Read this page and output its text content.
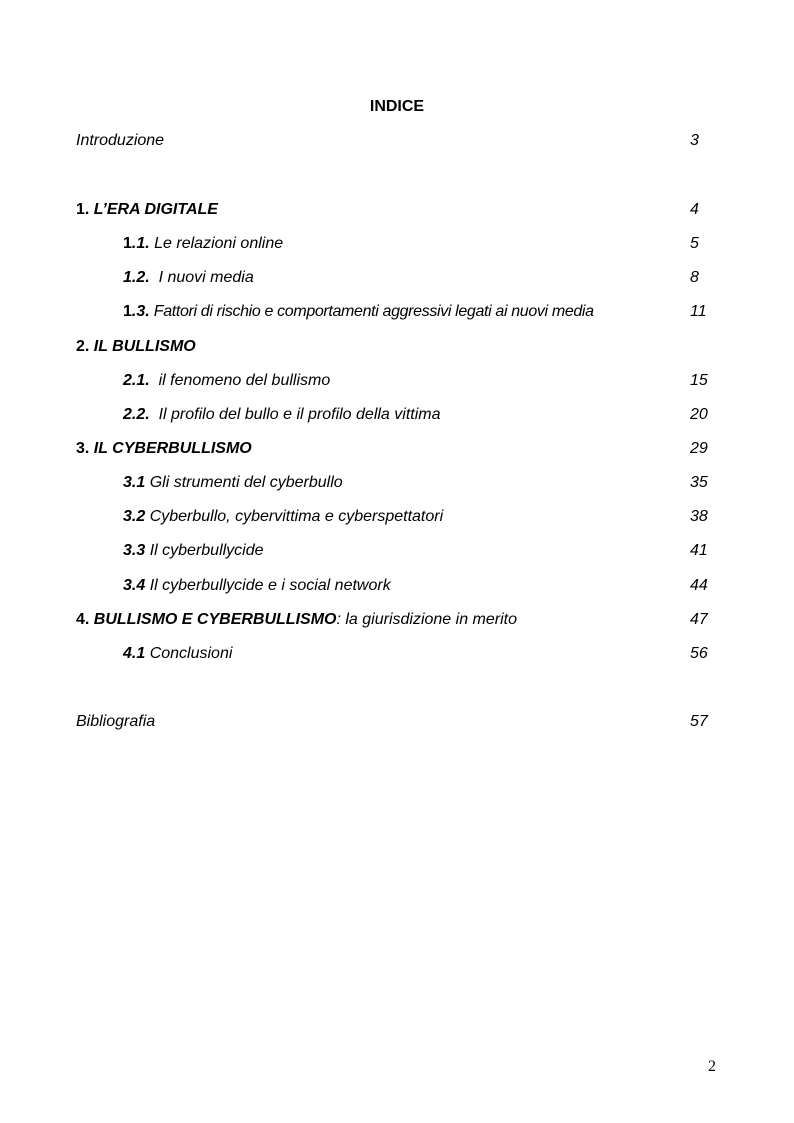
INDICE
Introduzione	3
1. L’ERA DIGITALE	4
1.1. Le relazioni online	5
1.2.  I nuovi media	8
1.3. Fattori di rischio e comportamenti aggressivi legati ai nuovi media	11
2. IL BULLISMO
2.1.  il fenomeno del bullismo	15
2.2.  Il profilo del bullo e il profilo della vittima	20
3. IL CYBERBULLISMO	29
3.1 Gli strumenti del cyberbullo	35
3.2 Cyberbullo, cybervittima e cyberspettatori	38
3.3 Il cyberbullycide	41
3.4 Il cyberbullycide e i social network	44
4. BULLISMO E CYBERBULLISMO: la giurisdizione in merito	47
4.1 Conclusioni	56
Bibliografia	57
2
